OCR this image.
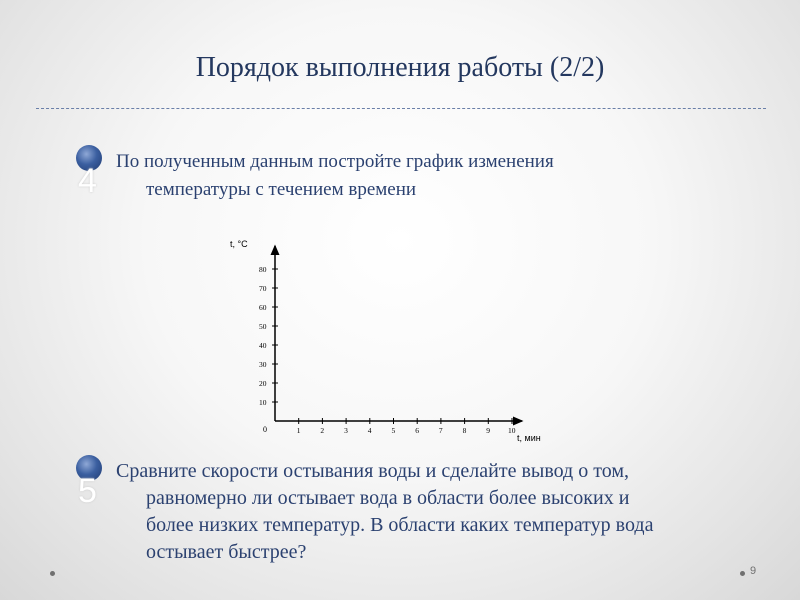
Порядок выполнения работы (2/2)
4
По полученным данным постройте график изменения
температуры с течением времени
t, °C
t, мин
0	1	2	3	4	5	6	7	8	9 10
10
20
30
40
50
60
70
80
5
Сравните скорости остывания воды и сделайте вывод о том,
равномерно ли остывает вода в области более высоких и
более низких температур. В области каких температур вода
остывает быстрее?
9
